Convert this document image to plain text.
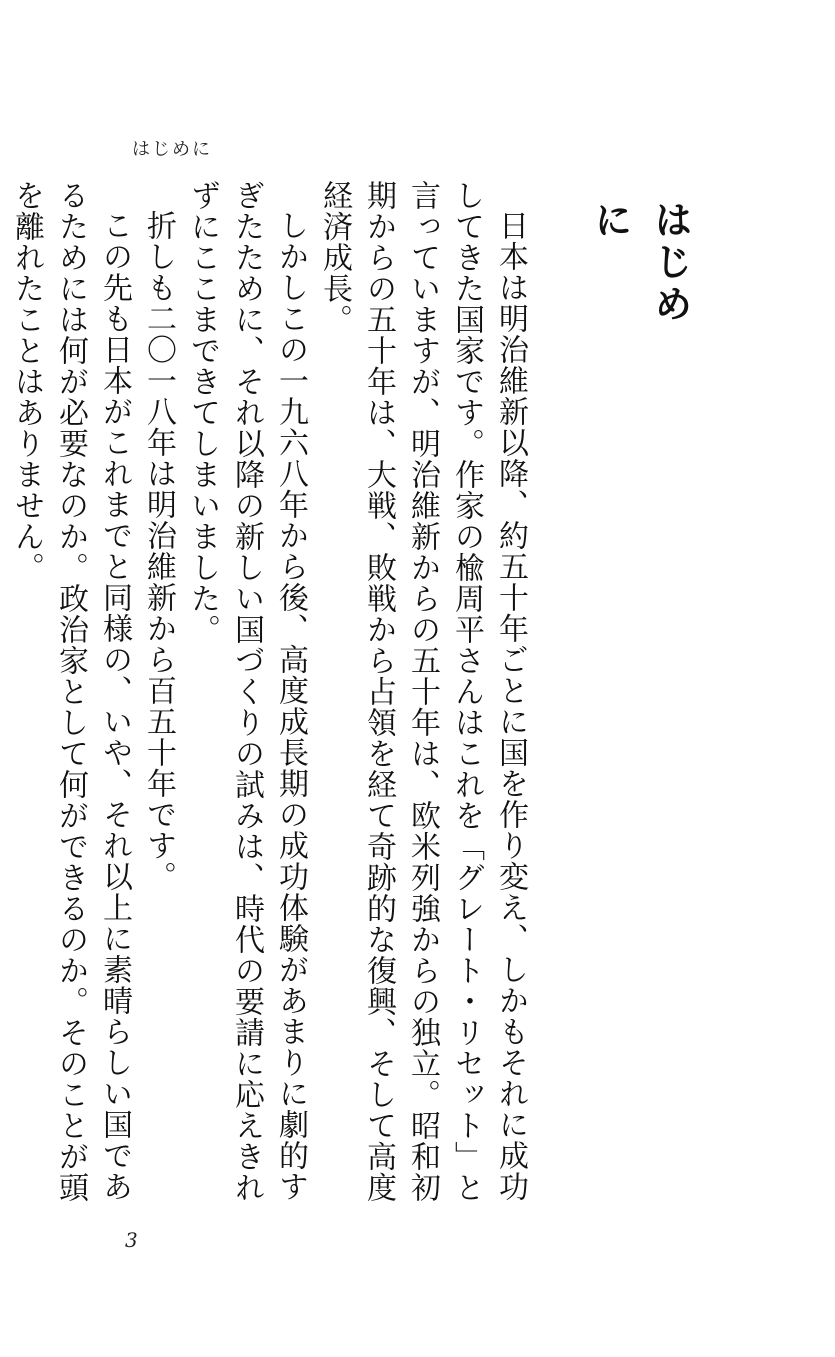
はじめに
はじめに

日本は明治維新以降、約五十年ごとに国を作り変え、しかもそれに成功してきた国家です。作家の楡周平さんはこれを「グレート・リセット」と言っていますが、明治維新からの五十年は、欧米列強からの独立。昭和初期からの五十年は、大戦、敗戦から占領を経て奇跡的な復興、そして高度経済成長。

しかしこの一九六八年から後、高度成長期の成功体験があまりに劇的すぎたために、それ以降の新しい国づくりの試みは、時代の要請に応えきれずにここまできてしまいました。

折しも二〇一八年は明治維新から百五十年です。

この先も日本がこれまでと同様の、いや、それ以上に素晴らしい国であるためには何が必要なのか。政治家として何ができるのか。そのことが頭を離れたことはありません。

3
